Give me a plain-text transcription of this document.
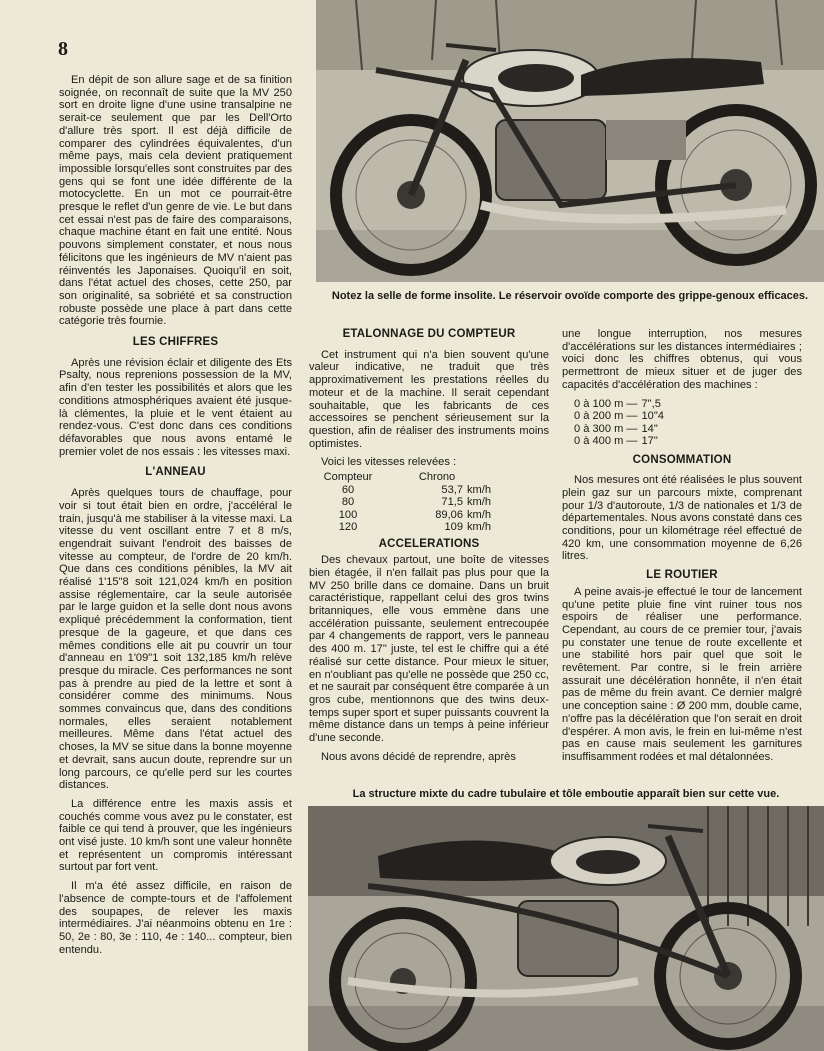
8

En dépit de son allure sage et de sa finition soignée, on reconnaît de suite que la MV 250 sort en droite ligne d'une usine transalpine ne serait-ce seulement que par les Dell'Orto d'allure très sport. Il est déjà difficile de comparer des cylindrées équivalentes, d'un même pays, mais cela devient pratiquement impossible lorsqu'elles sont construites par des gens qui se font une idée différente de la motocyclette. En un mot ce pourrait-être presque le reflet d'un genre de vie. Le but dans cet essai n'est pas de faire des comparaisons, chaque machine étant en fait une entité. Nous pouvons simplement constater, et nous nous félicitons que les ingénieurs de MV n'aient pas réinventés les Japonaises. Quoiqu'il en soit, dans l'état actuel des choses, cette 250, par son originalité, sa sobriété et sa construction robuste possède une place à part dans cette catégorie très fournie.

LES CHIFFRES

Après une révision éclair et diligente des Ets Psalty, nous reprenions possession de la MV, afin d'en tester les possibilités et alors que les conditions atmosphériques avaient été jusque-là clémentes, la pluie et le vent étaient au rendez-vous. C'est donc dans ces conditions défavorables que nous avons entamé le premier volet de nos essais : les vitesses maxi.

L'ANNEAU

Après quelques tours de chauffage, pour voir si tout était bien en ordre, j'accéléral le train, jusqu'à me stabiliser à la vitesse maxi. La vitesse du vent oscillant entre 7 et 8 m/s, engendrait suivant l'endroit des baisses de vitesse au compteur, de l'ordre de 20 km/h. Que dans ces conditions pénibles, la MV ait réalisé 1'15"8 soit 121,024 km/h en position assise réglementaire, car la seule autorisée par le large guidon et la selle dont nous avons expliqué précédemment la conformation, tient presque de la gageure, et que dans ces mêmes conditions elle ait pu couvrir un tour d'anneau en 1'09"1 soit 132,185 km/h relève presque du miracle. Ces performances ne sont pas à prendre au pied de la lettre et sont à considérer comme des minimums. Nous sommes convaincus que, dans des conditions normales, elles seraient notablement meilleures. Même dans l'état actuel des choses, la MV se situe dans la bonne moyenne et devrait, sans aucun doute, reprendre sur un long parcours, ce qu'elle perd sur les courtes distances.

La différence entre les maxis assis et couchés comme vous avez pu le constater, est faible ce qui tend à prouver, que les ingénieurs ont visé juste. 10 km/h sont une valeur honnête et représentent un compromis intéressant surtout par fort vent.

Il m'a été assez difficile, en raison de l'absence de compte-tours et de l'affolement des soupapes, de relever les maxis intermédiaires. J'ai néanmoins obtenu en 1re : 50, 2e : 80, 3e : 110, 4e : 140... compteur, bien entendu.

Notez la selle de forme insolite. Le réservoir ovoïde comporte des grippe-genoux efficaces.
ETALONNAGE DU COMPTEUR

Cet instrument qui n'a bien souvent qu'une valeur indicative, ne traduit que très approximativement les prestations réelles du moteur et de la machine. Il serait cependant souhaitable, que les fabricants de ces accessoires se penchent sérieusement sur la question, afin de réaliser des instruments moins optimistes.

Voici les vitesses relevées :

Compteur	Chrono	
60	53,7	km/h
80	71,5	km/h
100	89,06	km/h
120	109	km/h
ACCELERATIONS

Des chevaux partout, une boîte de vitesses bien étagée, il n'en fallait pas plus pour que la MV 250 brille dans ce domaine. Dans un bruit caractéristique, rappellant celui des gros twins britanniques, elle vous emmène dans une accélération puissante, seulement entrecoupée par 4 changements de rapport, vers le panneau des 400 m. 17" juste, tel est le chiffre qui a été réalisé sur cette distance. Pour mieux le situer, en n'oubliant pas qu'elle ne possède que 250 cc, et ne saurait par conséquent être comparée à un gros cube, mentionnons que des twins deux-temps super sport et super puissants couvrent la même distance dans un temps à peine inférieur d'une seconde.

Nous avons décidé de reprendre, après

une longue interruption, nos mesures d'accélérations sur les distances intermédiaires ; voici donc les chiffres obtenus, qui vous permettront de mieux situer et de juger des capacités d'accélération des machines :

0 à 100 m —	7",5
0 à 200 m —	10"4
0 à 300 m —	14"
0 à 400 m —	17"
CONSOMMATION

Nos mesures ont été réalisées le plus souvent plein gaz sur un parcours mixte, comprenant pour 1/3 d'autoroute, 1/3 de nationales et 1/3 de départementales. Nous avons constaté dans ces conditions, pour un kilométrage réel effectué de 420 km, une consommation moyenne de 6,26 litres.

LE ROUTIER

A peine avais-je effectué le tour de lancement qu'une petite pluie fine vint ruiner tous nos espoirs de réaliser une performance. Cependant, au cours de ce premier tour, j'avais pu constater une tenue de route excellente et une stabilité hors pair quel que soit le revêtement. Par contre, si le frein arrière assurait une décélération honnête, il n'en était pas de même du frein avant. Ce dernier malgré une conception saine : Ø 200 mm, double came, n'offre pas la décélération que l'on serait en droit d'espérer. A mon avis, le frein en lui-même n'est pas en cause mais seulement les garnitures insuffisamment rodées et mal détalonnées.

La structure mixte du cadre tubulaire et tôle emboutie apparaît bien sur cette vue.
